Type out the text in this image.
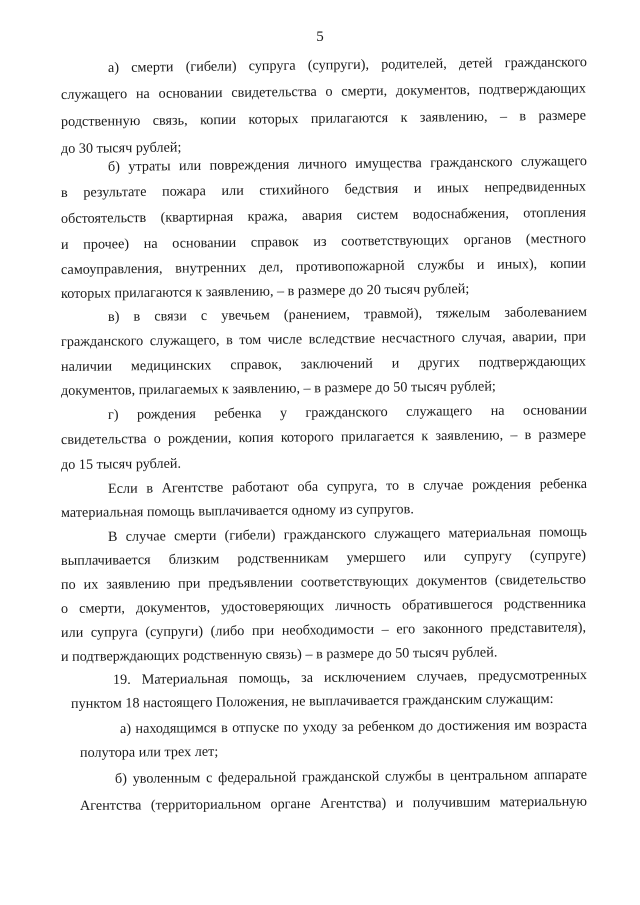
5
а) смерти (гибели) супруга (супруги), родителей, детей гражданского
служащего на основании свидетельства о смерти, документов, подтверждающих
родственную связь, копии которых прилагаются к заявлению, – в размере
до 30 тысяч рублей;
б) утраты или повреждения личного имущества гражданского служащего
в результате пожара или стихийного бедствия и иных непредвиденных
обстоятельств (квартирная кража, авария систем водоснабжения, отопления
и прочее) на основании справок из соответствующих органов (местного
самоуправления, внутренних дел, противопожарной службы и иных), копии
которых прилагаются к заявлению, – в размере до 20 тысяч рублей;
в) в связи с увечьем (ранением, травмой), тяжелым заболеванием
гражданского служащего, в том числе вследствие несчастного случая, аварии, при
наличии медицинских справок, заключений и других подтверждающих
документов, прилагаемых к заявлению, – в размере до 50 тысяч рублей;
г) рождения ребенка у гражданского служащего на основании
свидетельства о рождении, копия которого прилагается к заявлению, – в размере
до 15 тысяч рублей.
Если в Агентстве работают оба супруга, то в случае рождения ребенка
материальная помощь выплачивается одному из супругов.
В случае смерти (гибели) гражданского служащего материальная помощь
выплачивается близким родственникам умершего или супругу (супруге)
по их заявлению при предъявлении соответствующих документов (свидетельство
о смерти, документов, удостоверяющих личность обратившегося родственника
или супруга (супруги) (либо при необходимости – его законного представителя),
и подтверждающих родственную связь) – в размере до 50 тысяч рублей.
19. Материальная помощь, за исключением случаев, предусмотренных
пунктом 18 настоящего Положения, не выплачивается гражданским служащим:
а) находящимся в отпуске по уходу за ребенком до достижения им возраста
полутора или трех лет;
б) уволенным с федеральной гражданской службы в центральном аппарате
Агентства (территориальном органе Агентства) и получившим материальную
